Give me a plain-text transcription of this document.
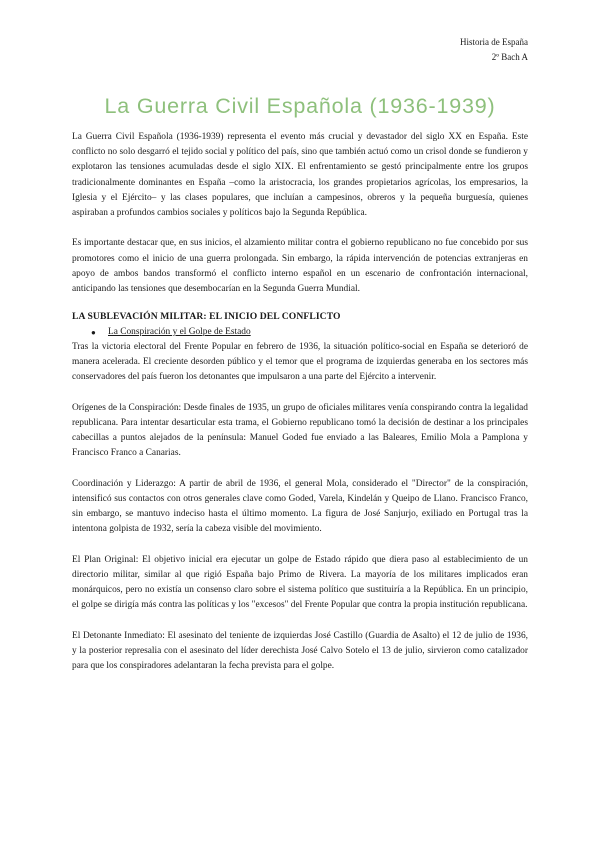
Historia de España
2º Bach A
La Guerra Civil Española (1936-1939)

La Guerra Civil Española (1936-1939) representa el evento más crucial y devastador del siglo XX en España. Este conflicto no solo desgarró el tejido social y político del país, sino que también actuó como un crisol donde se fundieron y explotaron las tensiones acumuladas desde el siglo XIX. El enfrentamiento se gestó principalmente entre los grupos tradicionalmente dominantes en España –como la aristocracia, los grandes propietarios agrícolas, los empresarios, la Iglesia y el Ejército– y las clases populares, que incluían a campesinos, obreros y la pequeña burguesía, quienes aspiraban a profundos cambios sociales y políticos bajo la Segunda República.

Es importante destacar que, en sus inicios, el alzamiento militar contra el gobierno republicano no fue concebido por sus promotores como el inicio de una guerra prolongada. Sin embargo, la rápida intervención de potencias extranjeras en apoyo de ambos bandos transformó el conflicto interno español en un escenario de confrontación internacional, anticipando las tensiones que desembocarían en la Segunda Guerra Mundial.

LA SUBLEVACIÓN MILITAR: EL INICIO DEL CONFLICTO
● La Conspiración y el Golpe de Estado

Tras la victoria electoral del Frente Popular en febrero de 1936, la situación político-social en España se deterioró de manera acelerada. El creciente desorden público y el temor que el programa de izquierdas generaba en los sectores más conservadores del país fueron los detonantes que impulsaron a una parte del Ejército a intervenir.

Orígenes de la Conspiración: Desde finales de 1935, un grupo de oficiales militares venía conspirando contra la legalidad republicana. Para intentar desarticular esta trama, el Gobierno republicano tomó la decisión de destinar a los principales cabecillas a puntos alejados de la península: Manuel Goded fue enviado a las Baleares, Emilio Mola a Pamplona y Francisco Franco a Canarias.

Coordinación y Liderazgo: A partir de abril de 1936, el general Mola, considerado el "Director" de la conspiración, intensificó sus contactos con otros generales clave como Goded, Varela, Kindelán y Queipo de Llano. Francisco Franco, sin embargo, se mantuvo indeciso hasta el último momento. La figura de José Sanjurjo, exiliado en Portugal tras la intentona golpista de 1932, sería la cabeza visible del movimiento.

El Plan Original: El objetivo inicial era ejecutar un golpe de Estado rápido que diera paso al establecimiento de un directorio militar, similar al que rigió España bajo Primo de Rivera. La mayoría de los militares implicados eran monárquicos, pero no existía un consenso claro sobre el sistema político que sustituiría a la República. En un principio, el golpe se dirigía más contra las políticas y los "excesos" del Frente Popular que contra la propia institución republicana.

El Detonante Inmediato: El asesinato del teniente de izquierdas José Castillo (Guardia de Asalto) el 12 de julio de 1936, y la posterior represalia con el asesinato del líder derechista José Calvo Sotelo el 13 de julio, sirvieron como catalizador para que los conspiradores adelantaran la fecha prevista para el golpe.
